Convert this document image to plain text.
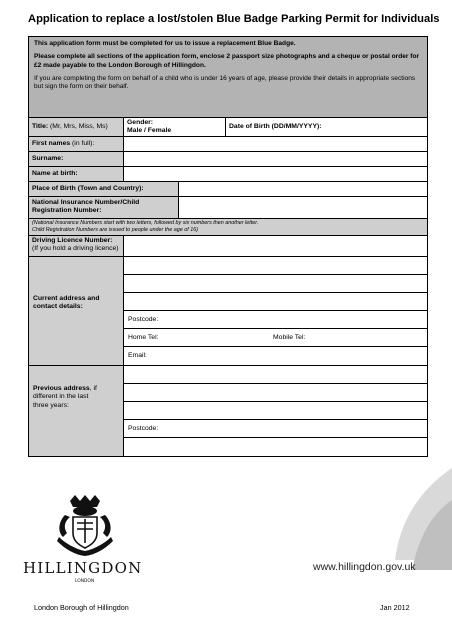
Application to replace a lost/stolen Blue Badge Parking Permit for Individuals

This application form must be completed for us to issue a replacement Blue Badge.

Please complete all sections of the application form, enclose 2 passport size photographs and a cheque or postal order for £2 made payable to the London Borough of Hillingdon.

If you are completing the form on behalf of a child who is under 16 years of age, please provide their details in appropriate sections but sign the form on their behalf.

Title: (Mr, Mrs, Miss, Ms)
Gender:
Male / Female
Date of Birth (DD/MM/YYYY):
First names (in full):
Surname:
Name at birth:
Place of Birth (Town and Country):
National Insurance Number/Child
Registration Number:
(National Insurance Numbers start with two letters, followed by six numbers then another letter.
Child Registration Numbers are issued to people under the age of 16)
Driving Licence Number:
(If you hold a driving licence)
Current address and
contact details:
Postcode:
Home Tel:	Mobile Tel:
Email:
Previous address, if
different in the last
three years:
Postcode:
HILLINGDON
LONDON
www.hillingdon.gov.uk
London Borough of Hillingdon	Jan 2012
